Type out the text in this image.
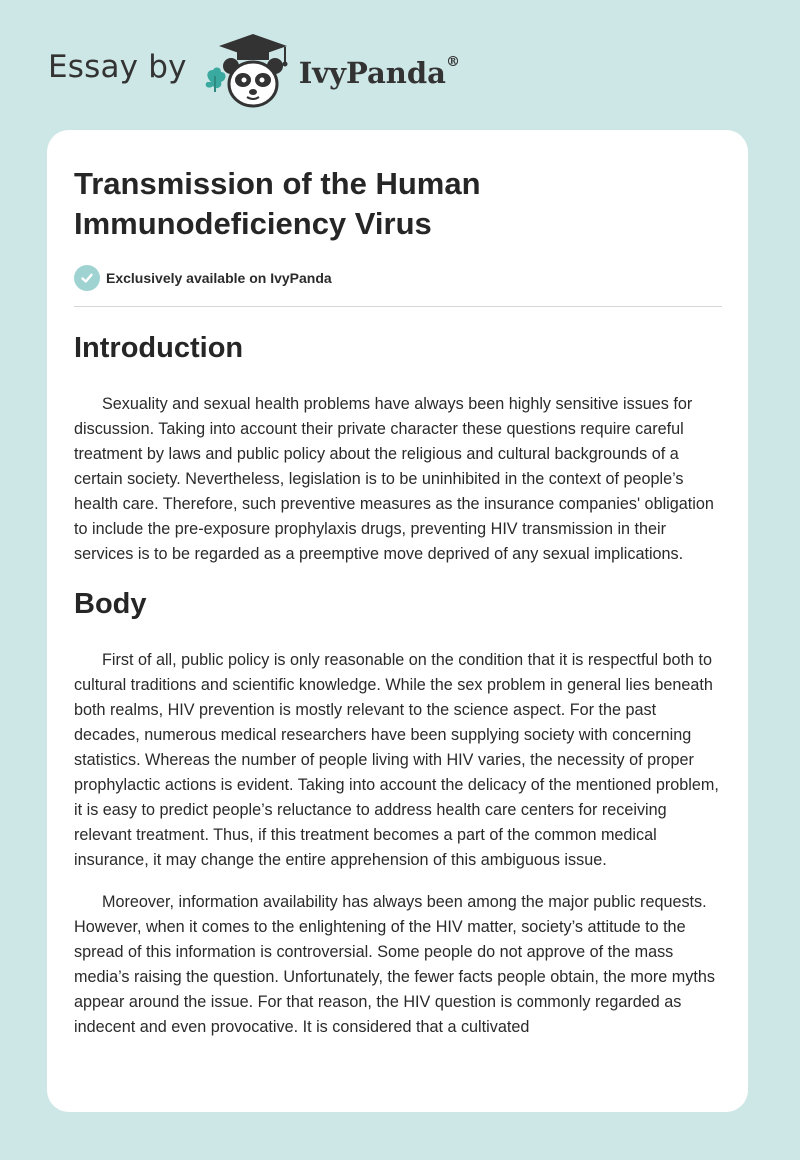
Essay by	IvyPanda®
Transmission of the Human Immunodeficiency Virus
Exclusively available on IvyPanda
Introduction

Sexuality and sexual health problems have always been highly sensitive issues for discussion. Taking into account their private character these questions require careful treatment by laws and public policy about the religious and cultural backgrounds of a certain society. Nevertheless, legislation is to be uninhibited in the context of people’s health care. Therefore, such preventive measures as the insurance companies' obligation to include the pre-exposure prophylaxis drugs, preventing HIV transmission in their services is to be regarded as a preemptive move deprived of any sexual implications.

Body

First of all, public policy is only reasonable on the condition that it is respectful both to cultural traditions and scientific knowledge. While the sex problem in general lies beneath both realms, HIV prevention is mostly relevant to the science aspect. For the past decades, numerous medical researchers have been supplying society with concerning statistics. Whereas the number of people living with HIV varies, the necessity of proper prophylactic actions is evident. Taking into account the delicacy of the mentioned problem, it is easy to predict people’s reluctance to address health care centers for receiving relevant treatment. Thus, if this treatment becomes a part of the common medical insurance, it may change the entire apprehension of this ambiguous issue.

Moreover, information availability has always been among the major public requests. However, when it comes to the enlightening of the HIV matter, society’s attitude to the spread of this information is controversial. Some people do not approve of the mass media’s raising the question. Unfortunately, the fewer facts people obtain, the more myths appear around the issue. For that reason, the HIV question is commonly regarded as indecent and even provocative. It is considered that a cultivated
